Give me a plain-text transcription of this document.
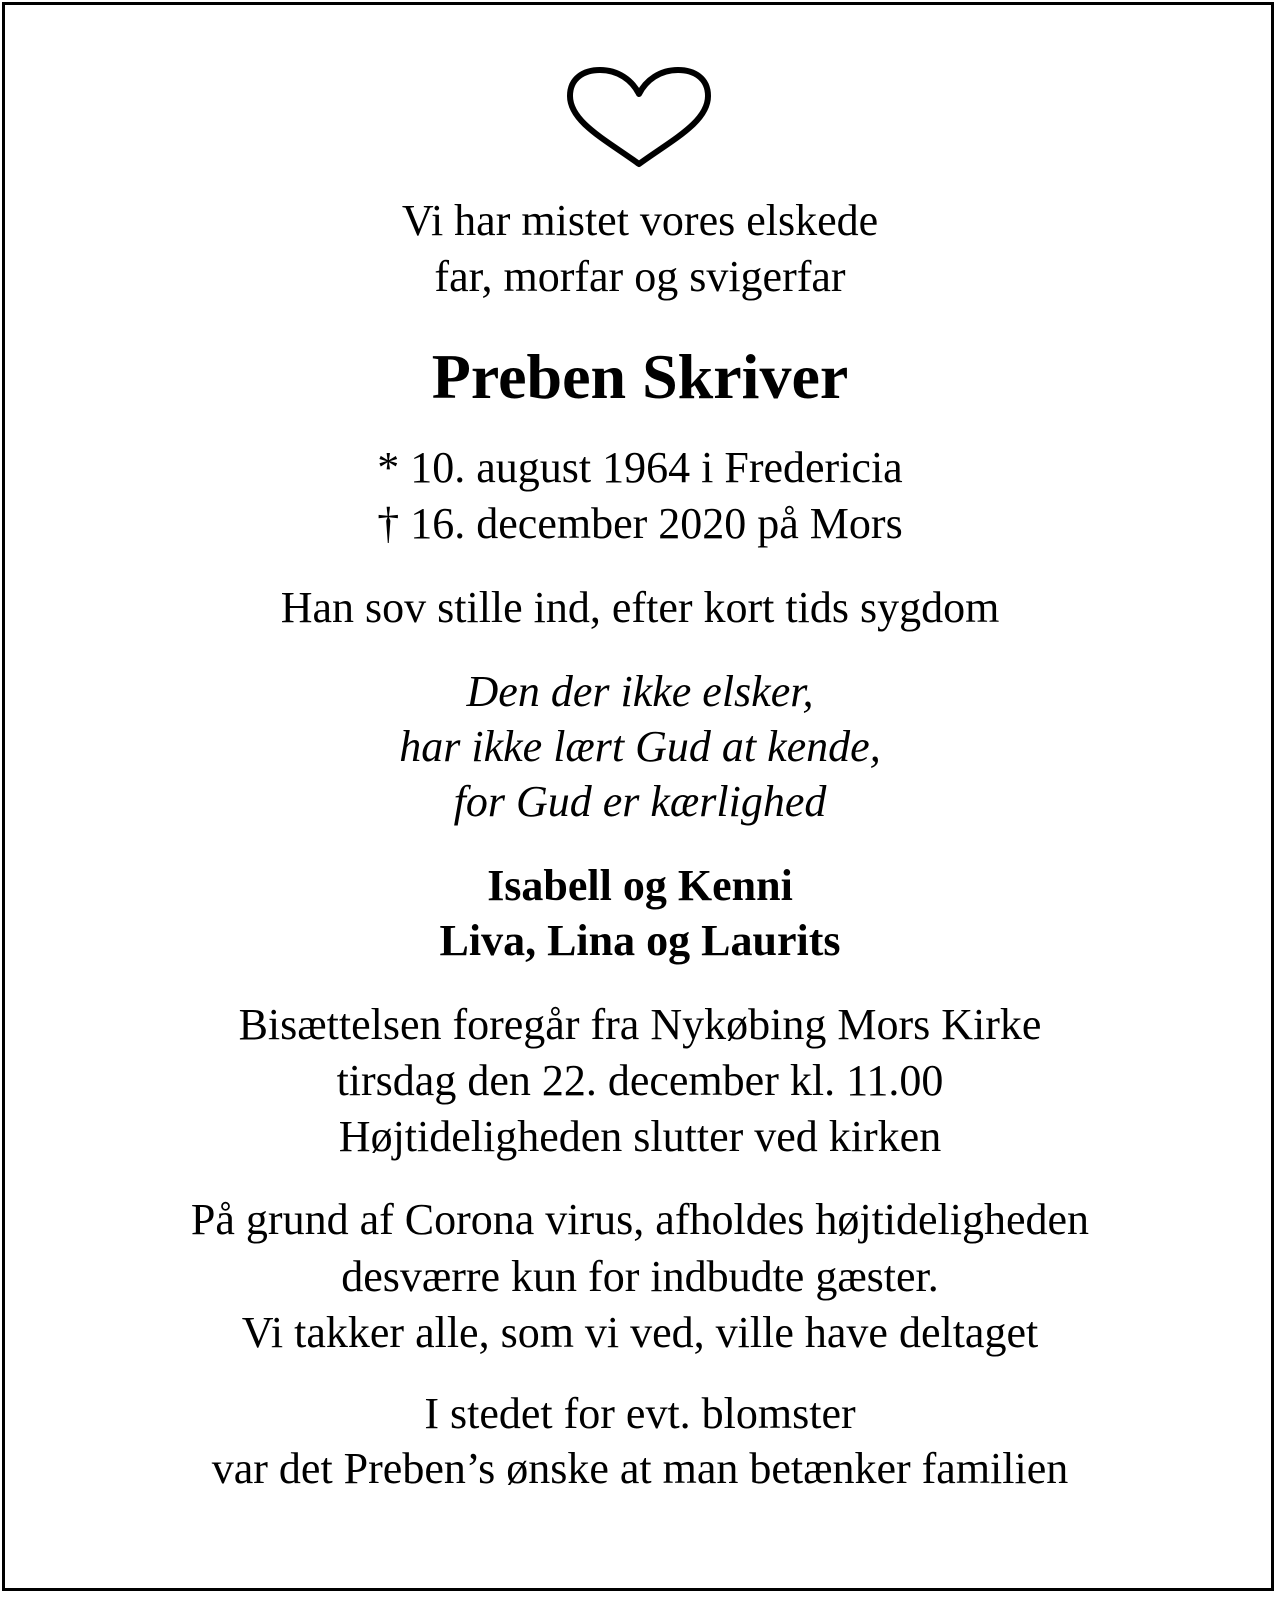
Vi har mistet vores elskede
far, morfar og svigerfar
Preben Skriver
* 10. august 1964 i Fredericia
† 16. december 2020 på Mors
Han sov stille ind, efter kort tids sygdom
Den der ikke elsker,
har ikke lært Gud at kende,
for Gud er kærlighed
Isabell og Kenni
Liva, Lina og Laurits
Bisættelsen foregår fra Nykøbing Mors Kirke
tirsdag den 22. december kl. 11.00
Højtideligheden slutter ved kirken
På grund af Corona virus, afholdes højtideligheden
desværre kun for indbudte gæster.
Vi takker alle, som vi ved, ville have deltaget
I stedet for evt. blomster
var det Preben’s ønske at man betænker familien
